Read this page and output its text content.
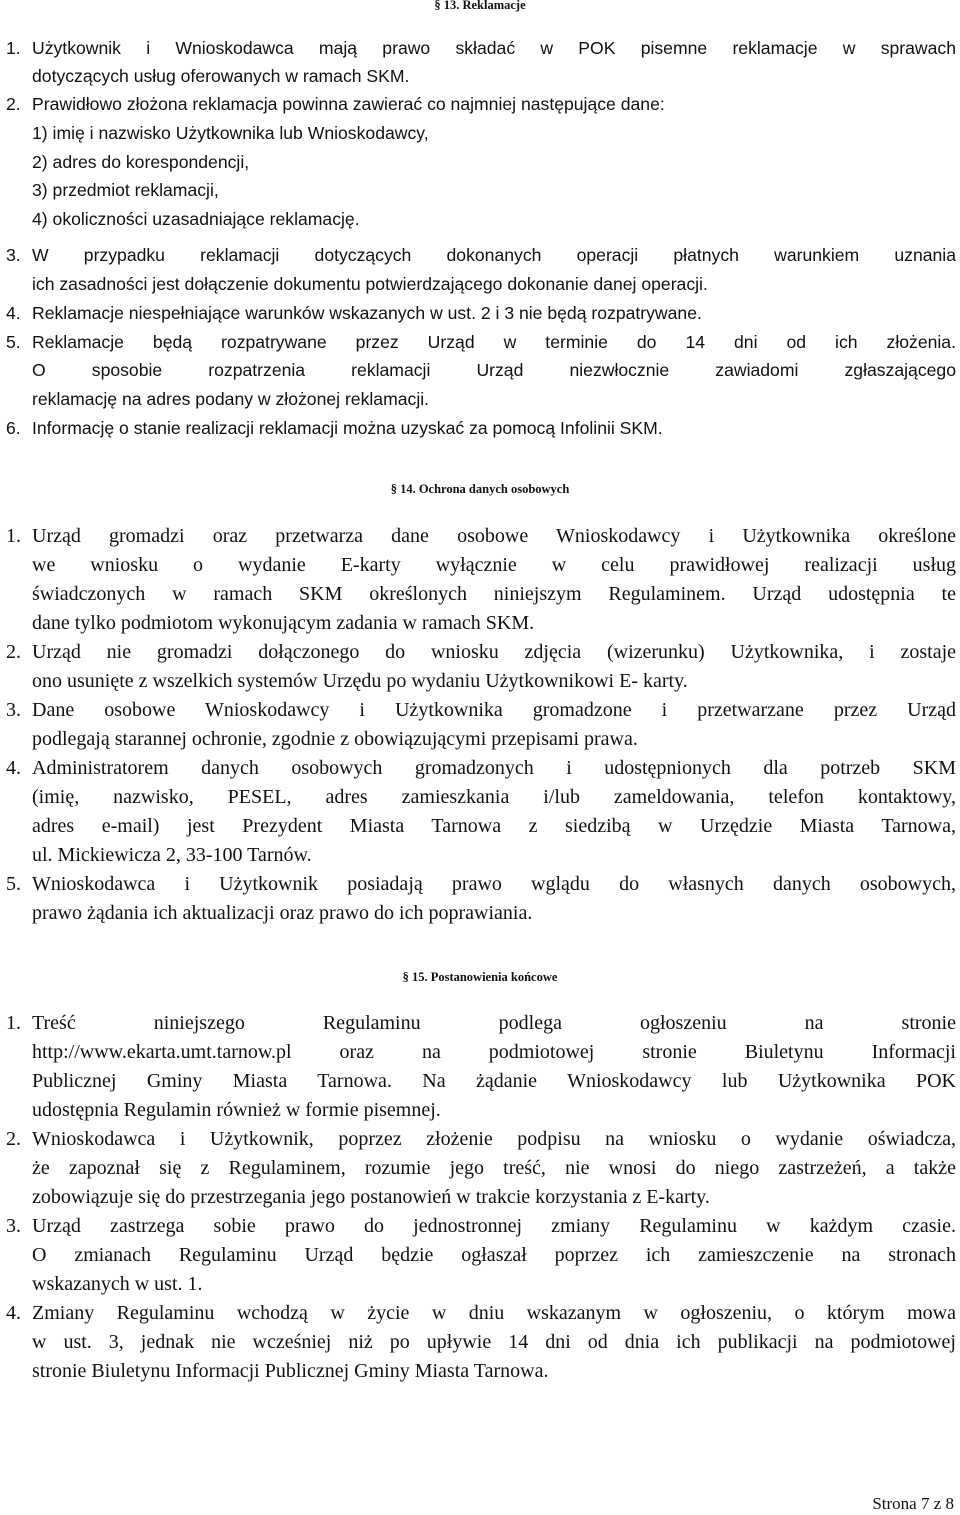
§ 13. Reklamacje
1. Użytkownik i Wnioskodawca mają prawo składać w POK pisemne reklamacje w sprawach
dotyczących usług oferowanych w ramach SKM.
2. Prawidłowo złożona reklamacja powinna zawierać co najmniej następujące dane:
1) imię i nazwisko Użytkownika lub Wnioskodawcy,
2) adres do korespondencji,
3) przedmiot reklamacji,
4) okoliczności uzasadniające reklamację.
3. W przypadku reklamacji dotyczących dokonanych operacji płatnych warunkiem uznania
ich zasadności jest dołączenie dokumentu potwierdzającego dokonanie danej operacji.
4. Reklamacje niespełniające warunków wskazanych w ust. 2 i 3 nie będą rozpatrywane.
5. Reklamacje będą rozpatrywane przez Urząd w terminie do 14 dni od ich złożenia.
O sposobie rozpatrzenia reklamacji Urząd niezwłocznie zawiadomi zgłaszającego
reklamację na adres podany w złożonej reklamacji.
6. Informację o stanie realizacji reklamacji można uzyskać za pomocą Infolinii SKM.
§ 14. Ochrona danych osobowych
1. Urząd gromadzi oraz przetwarza dane osobowe Wnioskodawcy i Użytkownika określone
we wniosku o wydanie E-karty wyłącznie w celu prawidłowej realizacji usług
świadczonych w ramach SKM określonych niniejszym Regulaminem. Urząd udostępnia te
dane tylko podmiotom wykonującym zadania w ramach SKM.
2. Urząd nie gromadzi dołączonego do wniosku zdjęcia (wizerunku) Użytkownika, i zostaje
ono usunięte z wszelkich systemów Urzędu po wydaniu Użytkownikowi E- karty.
3. Dane osobowe Wnioskodawcy i Użytkownika gromadzone i przetwarzane przez Urząd
podlegają starannej ochronie, zgodnie z obowiązującymi przepisami prawa.
4. Administratorem danych osobowych gromadzonych i udostępnionych dla potrzeb SKM
(imię, nazwisko, PESEL, adres zamieszkania i/lub zameldowania, telefon kontaktowy,
adres e-mail) jest Prezydent Miasta Tarnowa z siedzibą w Urzędzie Miasta Tarnowa,
ul. Mickiewicza 2, 33-100 Tarnów.
5. Wnioskodawca i Użytkownik posiadają prawo wglądu do własnych danych osobowych,
prawo żądania ich aktualizacji oraz prawo do ich poprawiania.
§ 15. Postanowienia końcowe
1. Treść niniejszego Regulaminu podlega ogłoszeniu na stronie
http://www.ekarta.umt.tarnow.pl oraz na podmiotowej stronie Biuletynu Informacji
Publicznej Gminy Miasta Tarnowa. Na żądanie Wnioskodawcy lub Użytkownika POK
udostępnia Regulamin również w formie pisemnej.
2. Wnioskodawca i Użytkownik, poprzez złożenie podpisu na wniosku o wydanie oświadcza,
że zapoznał się z Regulaminem, rozumie jego treść, nie wnosi do niego zastrzeżeń, a także
zobowiązuje się do przestrzegania jego postanowień w trakcie korzystania z E-karty.
3. Urząd zastrzega sobie prawo do jednostronnej zmiany Regulaminu w każdym czasie.
O zmianach Regulaminu Urząd będzie ogłaszał poprzez ich zamieszczenie na stronach
wskazanych w ust. 1.
4. Zmiany Regulaminu wchodzą w życie w dniu wskazanym w ogłoszeniu, o którym mowa
w ust. 3, jednak nie wcześniej niż po upływie 14 dni od dnia ich publikacji na podmiotowej
stronie Biuletynu Informacji Publicznej Gminy Miasta Tarnowa.
Strona 7 z 8
